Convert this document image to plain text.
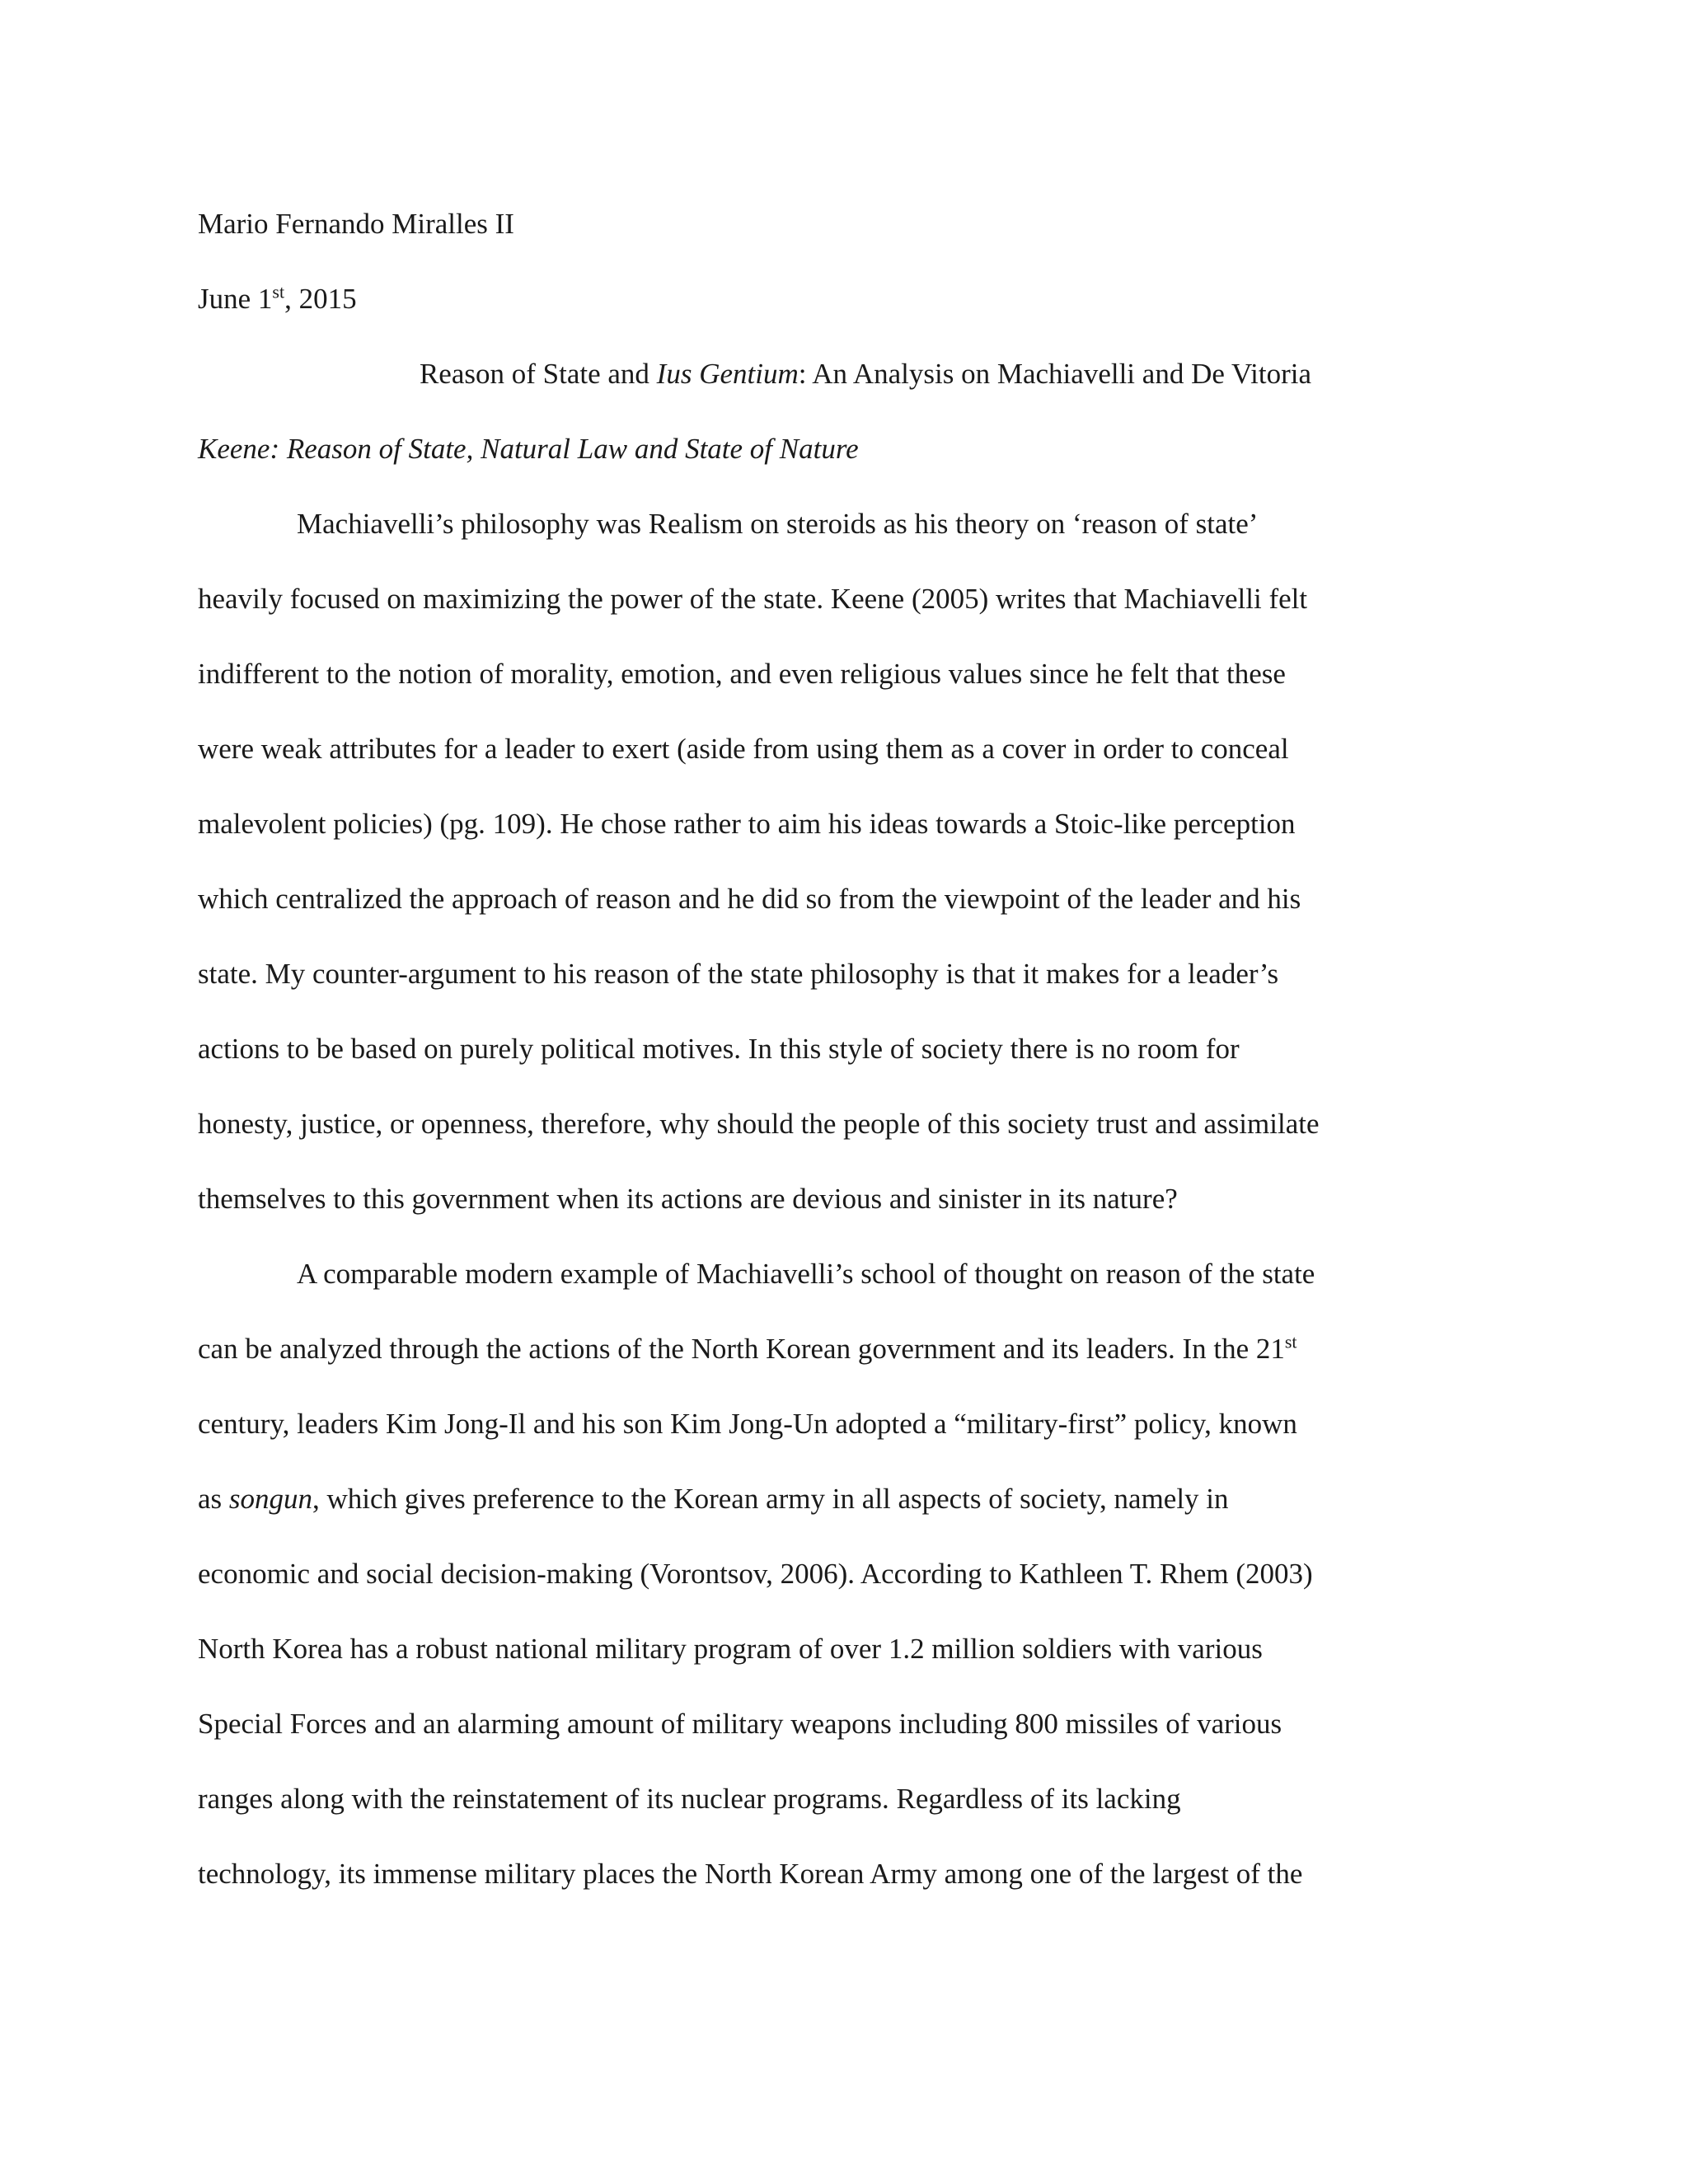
Mario Fernando Miralles II
June 1st, 2015
Reason of State and Ius Gentium: An Analysis on Machiavelli and De Vitoria
Keene: Reason of State, Natural Law and State of Nature
Machiavelli’s philosophy was Realism on steroids as his theory on ‘reason of state’
heavily focused on maximizing the power of the state. Keene (2005) writes that Machiavelli felt
indifferent to the notion of morality, emotion, and even religious values since he felt that these
were weak attributes for a leader to exert (aside from using them as a cover in order to conceal
malevolent policies) (pg. 109). He chose rather to aim his ideas towards a Stoic-like perception
which centralized the approach of reason and he did so from the viewpoint of the leader and his
state. My counter-argument to his reason of the state philosophy is that it makes for a leader’s
actions to be based on purely political motives. In this style of society there is no room for
honesty, justice, or openness, therefore, why should the people of this society trust and assimilate
themselves to this government when its actions are devious and sinister in its nature?
A comparable modern example of Machiavelli’s school of thought on reason of the state
can be analyzed through the actions of the North Korean government and its leaders. In the 21st
century, leaders Kim Jong-Il and his son Kim Jong-Un adopted a “military-first” policy, known
as songun, which gives preference to the Korean army in all aspects of society, namely in
economic and social decision-making (Vorontsov, 2006). According to Kathleen T. Rhem (2003)
North Korea has a robust national military program of over 1.2 million soldiers with various
Special Forces and an alarming amount of military weapons including 800 missiles of various
ranges along with the reinstatement of its nuclear programs. Regardless of its lacking
technology, its immense military places the North Korean Army among one of the largest of the
